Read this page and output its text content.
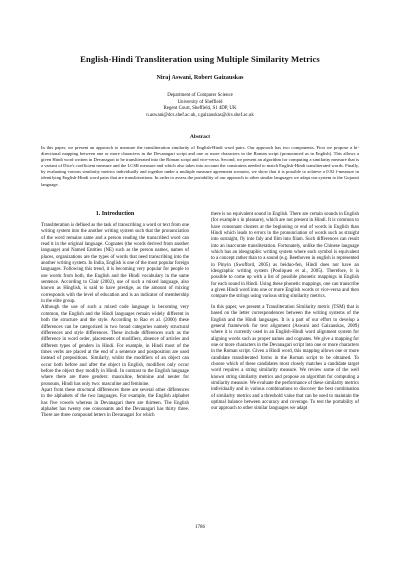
English-Hindi Transliteration using Multiple Similarity Metrics
Niraj Aswani, Robert Gaizauskas
Department of Computer Science
University of Sheffield
Regent Court, Sheffield, S1 4DP, UK
n.aswani@dcs.shef.ac.uk, r.gaizauskas@dcs.shef.ac.uk
Abstract

In this paper, we present an approach to measure the transliteration similarity of English-Hindi word pairs. Our approach has two components. First we propose a bi-directional mapping between one or more characters in the Devanagari script and one or more characters in the Roman script (pronounced as in English). This allows a given Hindi word written in Devanagari to be transliterated into the Roman script and vice-versa. Second, we present an algorithm for computing a similarity measure that is a variant of Dice's coefficient measure and the LCSR measure and which also takes into account the constraints needed to match English-Hindi transliterated words. Finally, by evaluating various similarity metrics individually and together under a multiple measure agreement scenario, we show that it is possible to achieve a 0.92 f-measure in identifying English-Hindi word pairs that are transliterations. In order to assess the portability of our approach to other similar languages we adapt our system to the Gujarati language.

1. Introduction

Transliteration is defined as the task of transcribing a word or text from one writing system into the another writing system such that the pronunciation of the word remains same and a person reading the transcribed word can read it in the original language. Cognates (the words derived from another language) and Named Entities (NE) such as the person names, names of places, organizations are the types of words that need transcribing into the another writing system. In India, English is one of the most popular foreign languages. Following this trend, it is becoming very popular for people to use words from both, the English and the Hindi vocabulary in the same sentence. According to Clair (2002), use of such a mixed language, also known as Hinglish, is said to have prestige, as the amount of mixing corresponds with the level of education and is an indicator of membership in the elite group.

Although the use of such a mixed code language is becoming very common, the English and the Hindi languages remain widely different in both the structure and the style. According to Rao et al. (2000) these differences can be categorized in two broad categories namely structural differences and style differences. These include differences such as the difference in word order, placements of modifiers, absence of articles and different types of genders in Hindi. For example, in Hindi most of the times verbs are placed at the end of a sentence and postposition are used instead of prepositions. Similarly, whilst the modifiers of an object can occur both before and after the object in English, modifiers only occur before the object they modify in Hindi. In contrast to the English language where there are three genders: masculine, feminine and neuter for pronouns, Hindi has only two: masculine and feminine.

Apart from these structural differences there are several other differences in the alphabets of the two languages. For example, the English alphabet has five vowels whereas in Devanagari there are thirteen. The English alphabet has twenty one consonants and the Devanagari has thirty three. There are three compound letters in Devanagari for which

there is no equivalent sound in English. There are certain sounds in English (for example s in pleasure), which are not present in Hindi. It is common to have consonant clusters at the beginning or end of words in English than Hindi which leads to errors in the pronunciation of words such as straight into sutraight, fly into faly and film into filam. Such differences can result into an inaccurate transliteration. Fortunately, unlike the Chinese language which has an ideographic writing system where each symbol is equivalent to a concept rather than to a sound (e.g. Beethoven in english is represented in Pinyin (Swofford, 2005) as beiduo-fen, Hindi does not have an ideographic writing system (Pouliquen et al., 2005). Therefore, it is possible to come up with a list of possible phonetic mappings in English for each sound in Hindi. Using these phonetic mappings, one can transcribe a given Hindi word into one or more English words or vice-versa and then compare the strings using various string similarity metrics.

In this paper, we present a Transliteration Similarity metric (TSM) that is based on the letter correspondences between the writing systems of the English and the Hindi languages. It is a part of our effort to develop a general framework for text alignment (Aswani and Gaizauskas, 2009) where it is currently used in an English-Hindi word alignment system for aligning words such as proper names and cognates. We give a mapping for one or more characters in the Devanagari script into one or more characters in the Roman script. Given a Hindi word, this mapping allows one or more candidate transliterated forms in the Roman script to be obtained. To choose which of these candidates most closely matches a candidate target word requires a string similarity measure. We review some of the well known string similarity metrics and propose an algorithm for computing a similarity measure. We evaluate the performance of these similarity metrics individually and in various combinations to discover the best combination of similarity metrics and a threshold value that can be used to maintain the optimal balance between accuracy and coverage. To test the portability of our approach to other similar languages we adapt

1786
